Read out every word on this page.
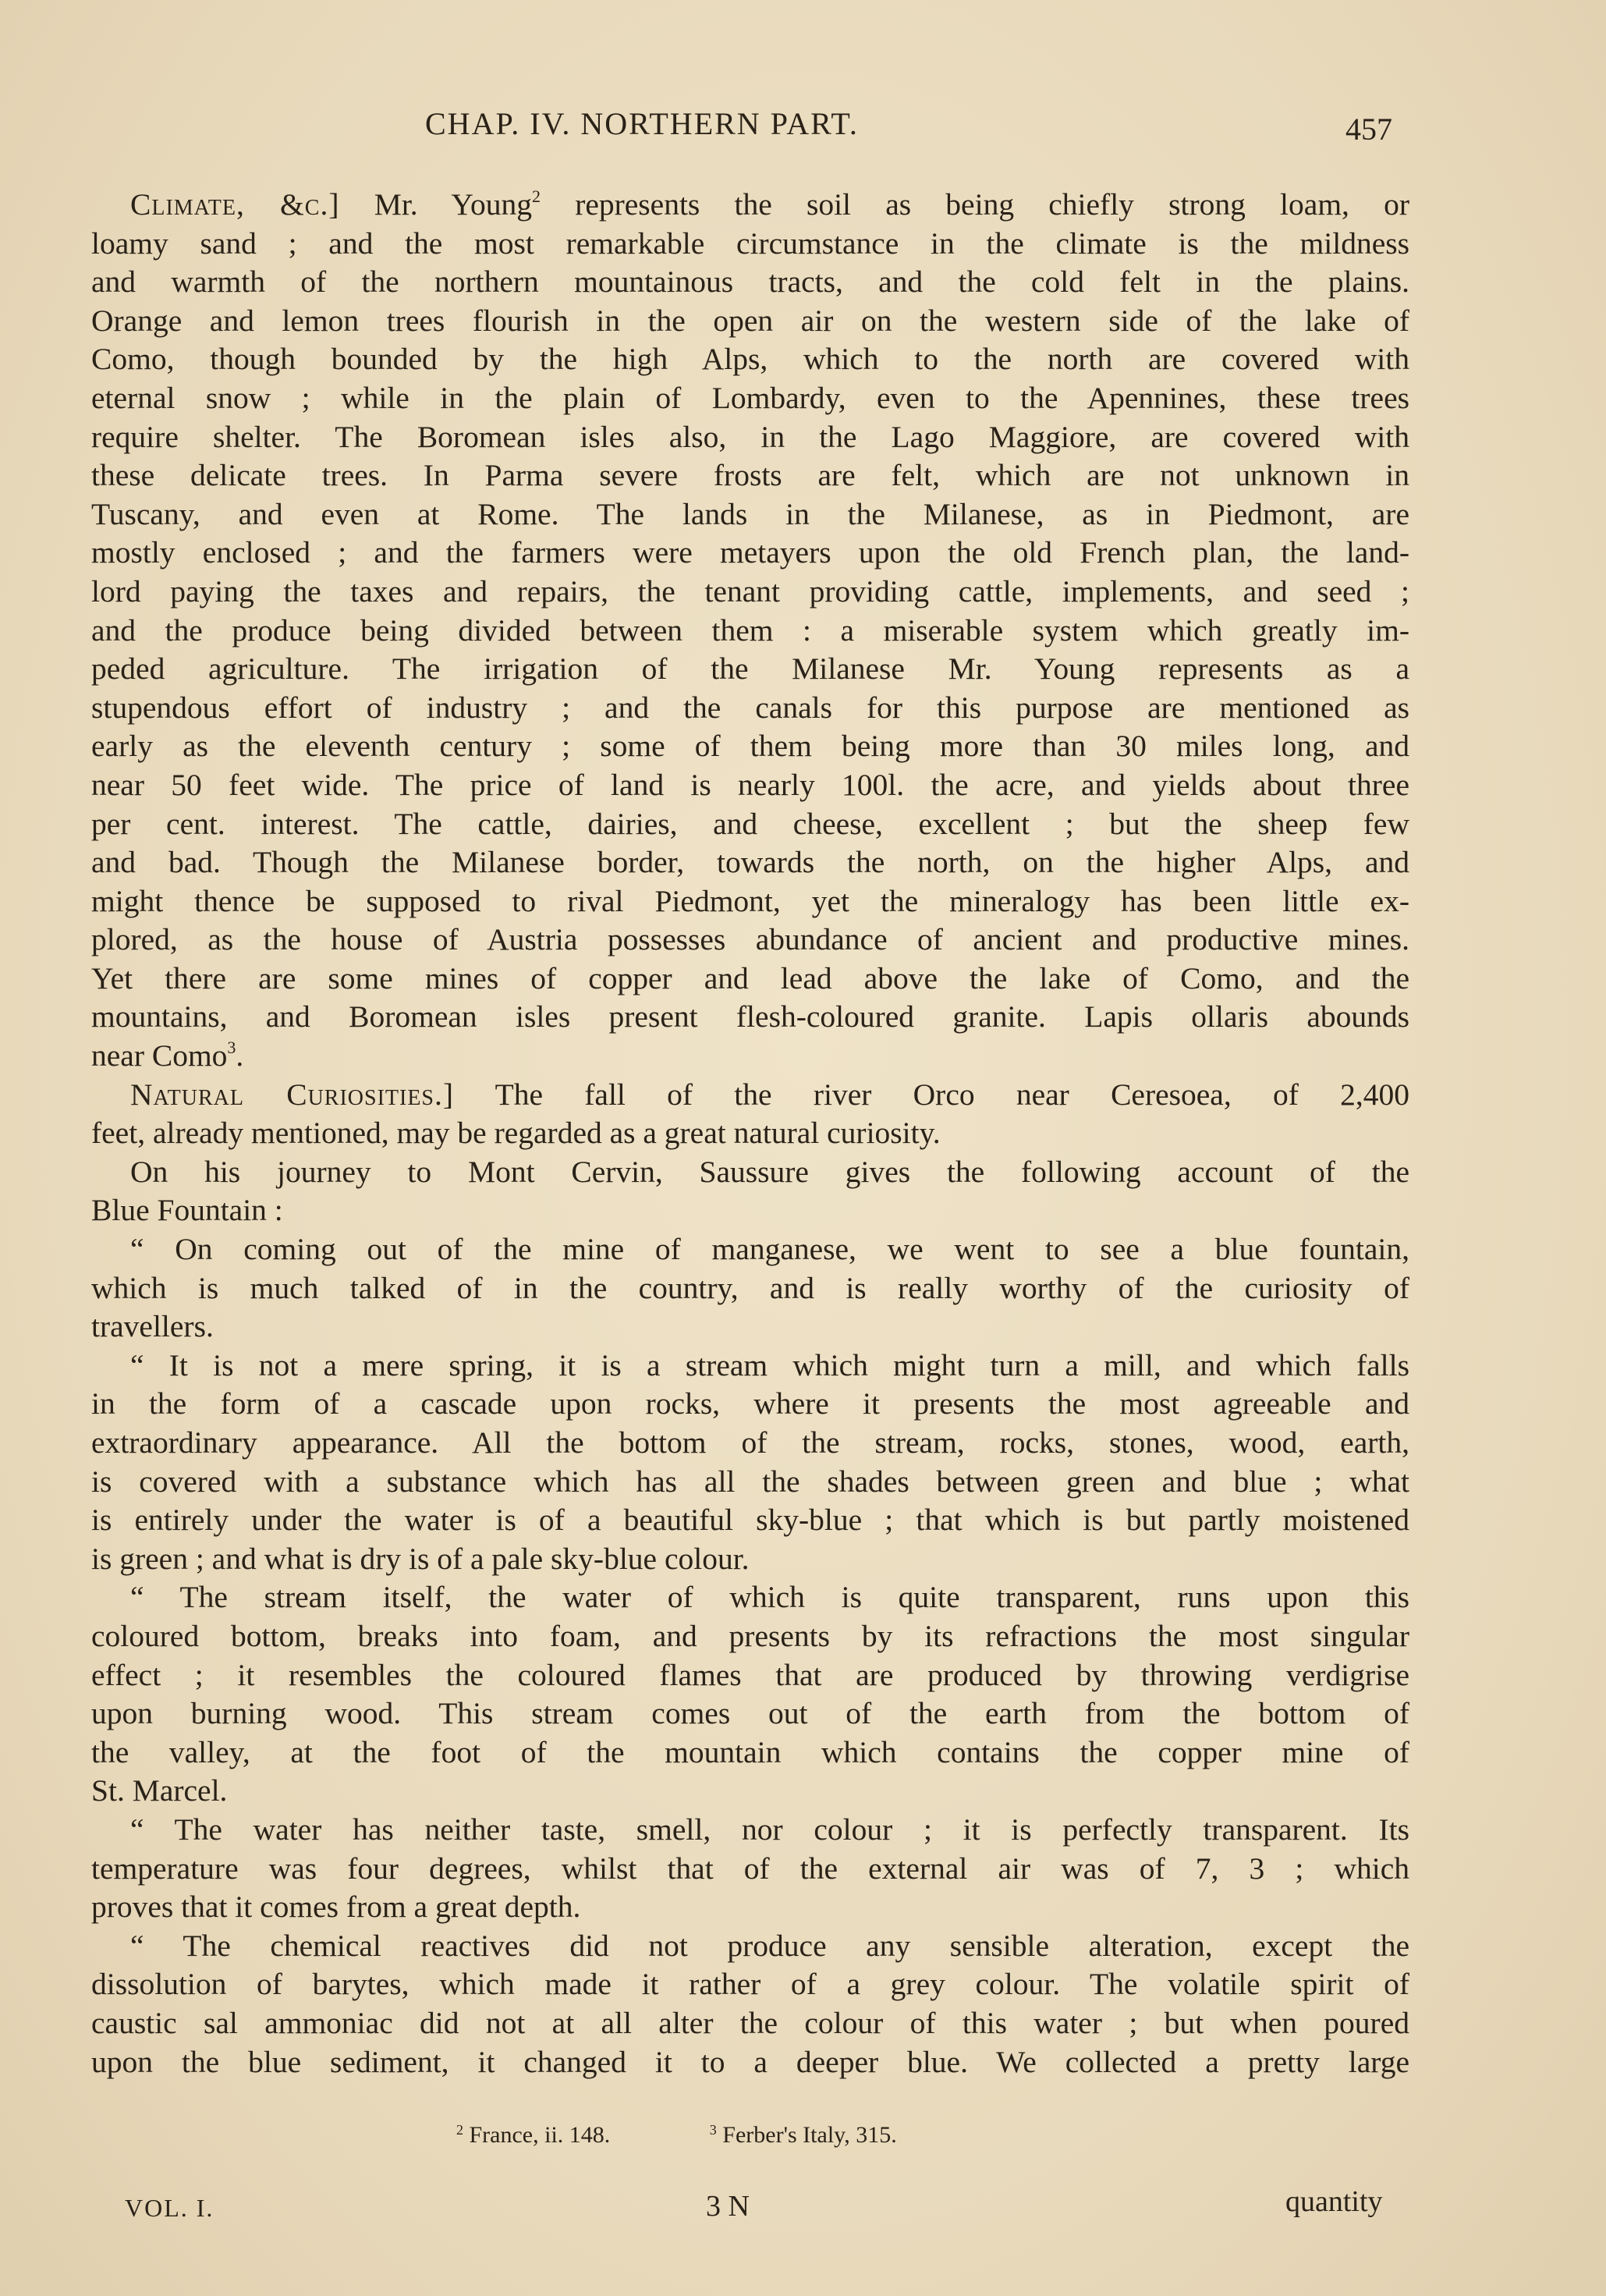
CHAP. IV. NORTHERN PART.	457
Climate, &c.] Mr. Young$^2$ represents the soil as being chiefly strong loam, or
loamy sand ; and the most remarkable circumstance in the climate is the mildness
and warmth of the northern mountainous tracts, and the cold felt in the plains.
Orange and lemon trees flourish in the open air on the western side of the lake of
Como, though bounded by the high Alps, which to the north are covered with
eternal snow ; while in the plain of Lombardy, even to the Apennines, these trees
require shelter. The Boromean isles also, in the Lago Maggiore, are covered with
these delicate trees. In Parma severe frosts are felt, which are not unknown in
Tuscany, and even at Rome. The lands in the Milanese, as in Piedmont, are
mostly enclosed ; and the farmers were metayers upon the old French plan, the land-
lord paying the taxes and repairs, the tenant providing cattle, implements, and seed ;
and the produce being divided between them : a miserable system which greatly im-
peded agriculture. The irrigation of the Milanese Mr. Young represents as a
stupendous effort of industry ; and the canals for this purpose are mentioned as
early as the eleventh century ; some of them being more than 30 miles long, and
near 50 feet wide. The price of land is nearly 100l. the acre, and yields about three
per cent. interest. The cattle, dairies, and cheese, excellent ; but the sheep few
and bad. Though the Milanese border, towards the north, on the higher Alps, and
might thence be supposed to rival Piedmont, yet the mineralogy has been little ex-
plored, as the house of Austria possesses abundance of ancient and productive mines.
Yet there are some mines of copper and lead above the lake of Como, and the
mountains, and Boromean isles present flesh-coloured granite. Lapis ollaris abounds
near Como$^3$.
Natural Curiosities.] The fall of the river Orco near Ceresoea, of 2,400
feet, already mentioned, may be regarded as a great natural curiosity.
On his journey to Mont Cervin, Saussure gives the following account of the
Blue Fountain :
“ On coming out of the mine of manganese, we went to see a blue fountain,
which is much talked of in the country, and is really worthy of the curiosity of
travellers.
“ It is not a mere spring, it is a stream which might turn a mill, and which falls
in the form of a cascade upon rocks, where it presents the most agreeable and
extraordinary appearance. All the bottom of the stream, rocks, stones, wood, earth,
is covered with a substance which has all the shades between green and blue ; what
is entirely under the water is of a beautiful sky-blue ; that which is but partly moistened
is green ; and what is dry is of a pale sky-blue colour.
“ The stream itself, the water of which is quite transparent, runs upon this
coloured bottom, breaks into foam, and presents by its refractions the most singular
effect ; it resembles the coloured flames that are produced by throwing verdigrise
upon burning wood. This stream comes out of the earth from the bottom of
the valley, at the foot of the mountain which contains the copper mine of
St. Marcel.
“ The water has neither taste, smell, nor colour ; it is perfectly transparent. Its
temperature was four degrees, whilst that of the external air was of 7, 3 ; which
proves that it comes from a great depth.
“ The chemical reactives did not produce any sensible alteration, except the
dissolution of barytes, which made it rather of a grey colour. The volatile spirit of
caustic sal ammoniac did not at all alter the colour of this water ; but when poured
upon the blue sediment, it changed it to a deeper blue. We collected a pretty large
$^2$ France, ii. 148.	$^3$ Ferber's Italy, 315.
VOL. I.	3 N	quantity
